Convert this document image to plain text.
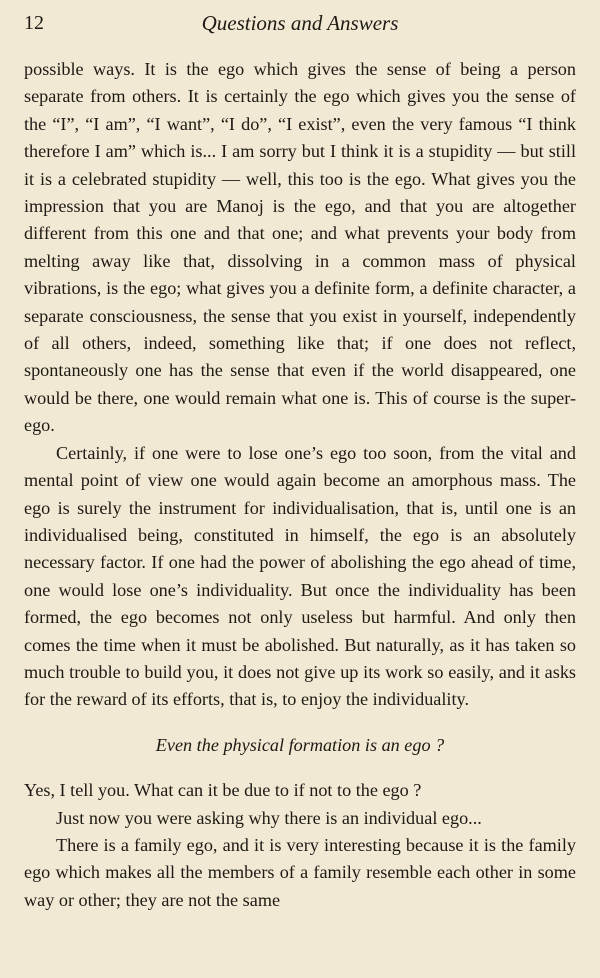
12	Questions and Answers

possible ways. It is the ego which gives the sense of being a person separate from others. It is certainly the ego which gives you the sense of the “I”, “I am”, “I want”, “I do”, “I exist”, even the very famous “I think therefore I am” which is... I am sorry but I think it is a stupidity — but still it is a celebrated stupidity — well, this too is the ego. What gives you the impression that you are Manoj is the ego, and that you are altogether different from this one and that one; and what prevents your body from melting away like that, dissolving in a common mass of physical vibrations, is the ego; what gives you a definite form, a definite character, a separate consciousness, the sense that you exist in yourself, independently of all others, indeed, something like that; if one does not reflect, spontaneously one has the sense that even if the world disappeared, one would be there, one would remain what one is. This of course is the super-ego.

Certainly, if one were to lose one’s ego too soon, from the vital and mental point of view one would again become an amorphous mass. The ego is surely the instrument for individualisation, that is, until one is an individualised being, constituted in himself, the ego is an absolutely necessary factor. If one had the power of abolishing the ego ahead of time, one would lose one’s individuality. But once the individuality has been formed, the ego becomes not only useless but harmful. And only then comes the time when it must be abolished. But naturally, as it has taken so much trouble to build you, it does not give up its work so easily, and it asks for the reward of its efforts, that is, to enjoy the individuality.

Even the physical formation is an ego ?

Yes, I tell you. What can it be due to if not to the ego ?

Just now you were asking why there is an individual ego...

There is a family ego, and it is very interesting because it is the family ego which makes all the members of a family resemble each other in some way or other; they are not the same
